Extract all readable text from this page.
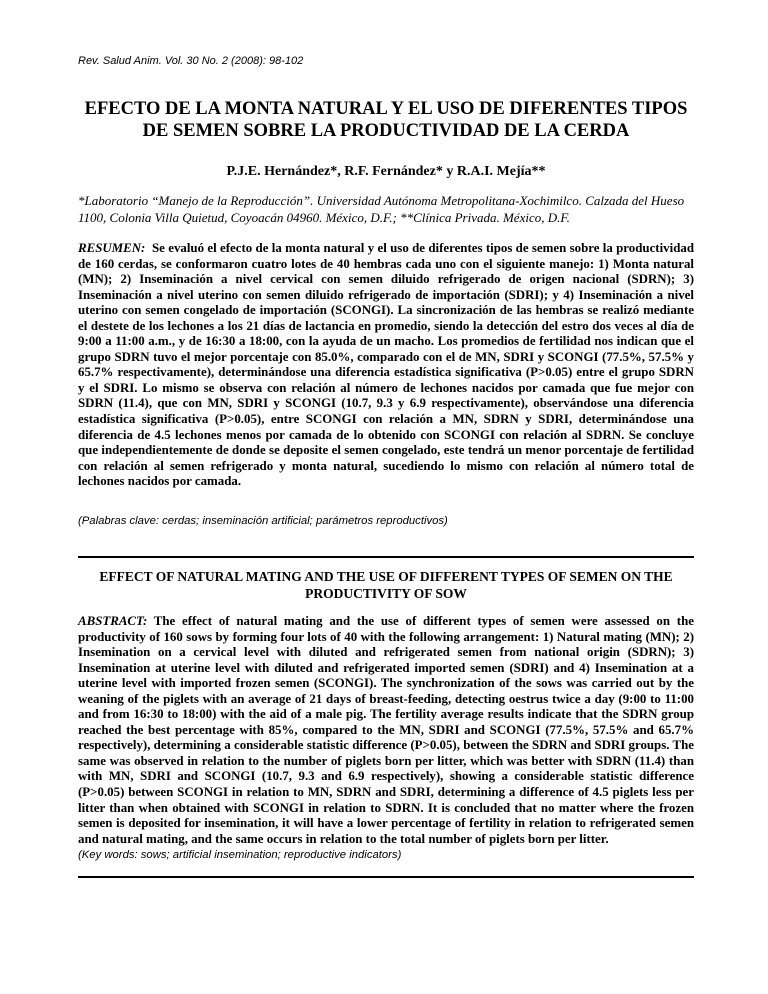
Rev. Salud Anim. Vol. 30 No. 2 (2008): 98-102
EFECTO DE LA MONTA NATURAL Y EL USO DE DIFERENTES TIPOS DE SEMEN SOBRE LA PRODUCTIVIDAD DE LA CERDA
P.J.E. Hernández*, R.F. Fernández* y R.A.I. Mejía**
*Laboratorio “Manejo de la Reproducción”. Universidad Autónoma Metropolitana-Xochimilco. Calzada del Hueso 1100, Colonia Villa Quietud, Coyoacán 04960. México, D.F.; **Clínica Privada. México, D.F.
RESUMEN: Se evaluó el efecto de la monta natural y el uso de diferentes tipos de semen sobre la productividad de 160 cerdas, se conformaron cuatro lotes de 40 hembras cada uno con el siguiente manejo: 1) Monta natural (MN); 2) Inseminación a nivel cervical con semen diluido refrigerado de origen nacional (SDRN); 3) Inseminación a nivel uterino con semen diluido refrigerado de importación (SDRI); y 4) Inseminación a nivel uterino con semen congelado de importación (SCONGI). La sincronización de las hembras se realizó mediante el destete de los lechones a los 21 días de lactancia en promedio, siendo la detección del estro dos veces al día de 9:00 a 11:00 a.m., y de 16:30 a 18:00, con la ayuda de un macho. Los promedios de fertilidad nos indican que el grupo SDRN tuvo el mejor porcentaje con 85.0%, comparado con el de MN, SDRI y SCONGI (77.5%, 57.5% y 65.7% respectivamente), determinándose una diferencia estadística significativa (P>0.05) entre el grupo SDRN y el SDRI. Lo mismo se observa con relación al número de lechones nacidos por camada que fue mejor con SDRN (11.4), que con MN, SDRI y SCONGI (10.7, 9.3 y 6.9 respectivamente), observándose una diferencia estadística significativa (P>0.05), entre SCONGI con relación a MN, SDRN y SDRI, determinándose una diferencia de 4.5 lechones menos por camada de lo obtenido con SCONGI con relación al SDRN. Se concluye que independientemente de donde se deposite el semen congelado, este tendrá un menor porcentaje de fertilidad con relación al semen refrigerado y monta natural, sucediendo lo mismo con relación al número total de lechones nacidos por camada.
(Palabras clave: cerdas; inseminación artificial; parámetros reproductivos)
EFFECT OF NATURAL MATING AND THE USE OF DIFFERENT TYPES OF SEMEN ON THE PRODUCTIVITY OF SOW
ABSTRACT: The effect of natural mating and the use of different types of semen were assessed on the productivity of 160 sows by forming four lots of 40 with the following arrangement: 1) Natural mating (MN); 2) Insemination on a cervical level with diluted and refrigerated semen from national origin (SDRN); 3) Insemination at uterine level with diluted and refrigerated imported semen (SDRI) and 4) Insemination at a uterine level with imported frozen semen (SCONGI). The synchronization of the sows was carried out by the weaning of the piglets with an average of 21 days of breast-feeding, detecting oestrus twice a day (9:00 to 11:00 and from 16:30 to 18:00) with the aid of a male pig. The fertility average results indicate that the SDRN group reached the best percentage with 85%, compared to the MN, SDRI and SCONGI (77.5%, 57.5% and 65.7% respectively), determining a considerable statistic difference (P>0.05), between the SDRN and SDRI groups. The same was observed in relation to the number of piglets born per litter, which was better with SDRN (11.4) than with MN, SDRI and SCONGI (10.7, 9.3 and 6.9 respectively), showing a considerable statistic difference (P>0.05) between SCONGI in relation to MN, SDRN and SDRI, determining a difference of 4.5 piglets less per litter than when obtained with SCONGI in relation to SDRN. It is concluded that no matter where the frozen semen is deposited for insemination, it will have a lower percentage of fertility in relation to refrigerated semen and natural mating, and the same occurs in relation to the total number of piglets born per litter.
(Key words: sows; artificial insemination; reproductive indicators)
